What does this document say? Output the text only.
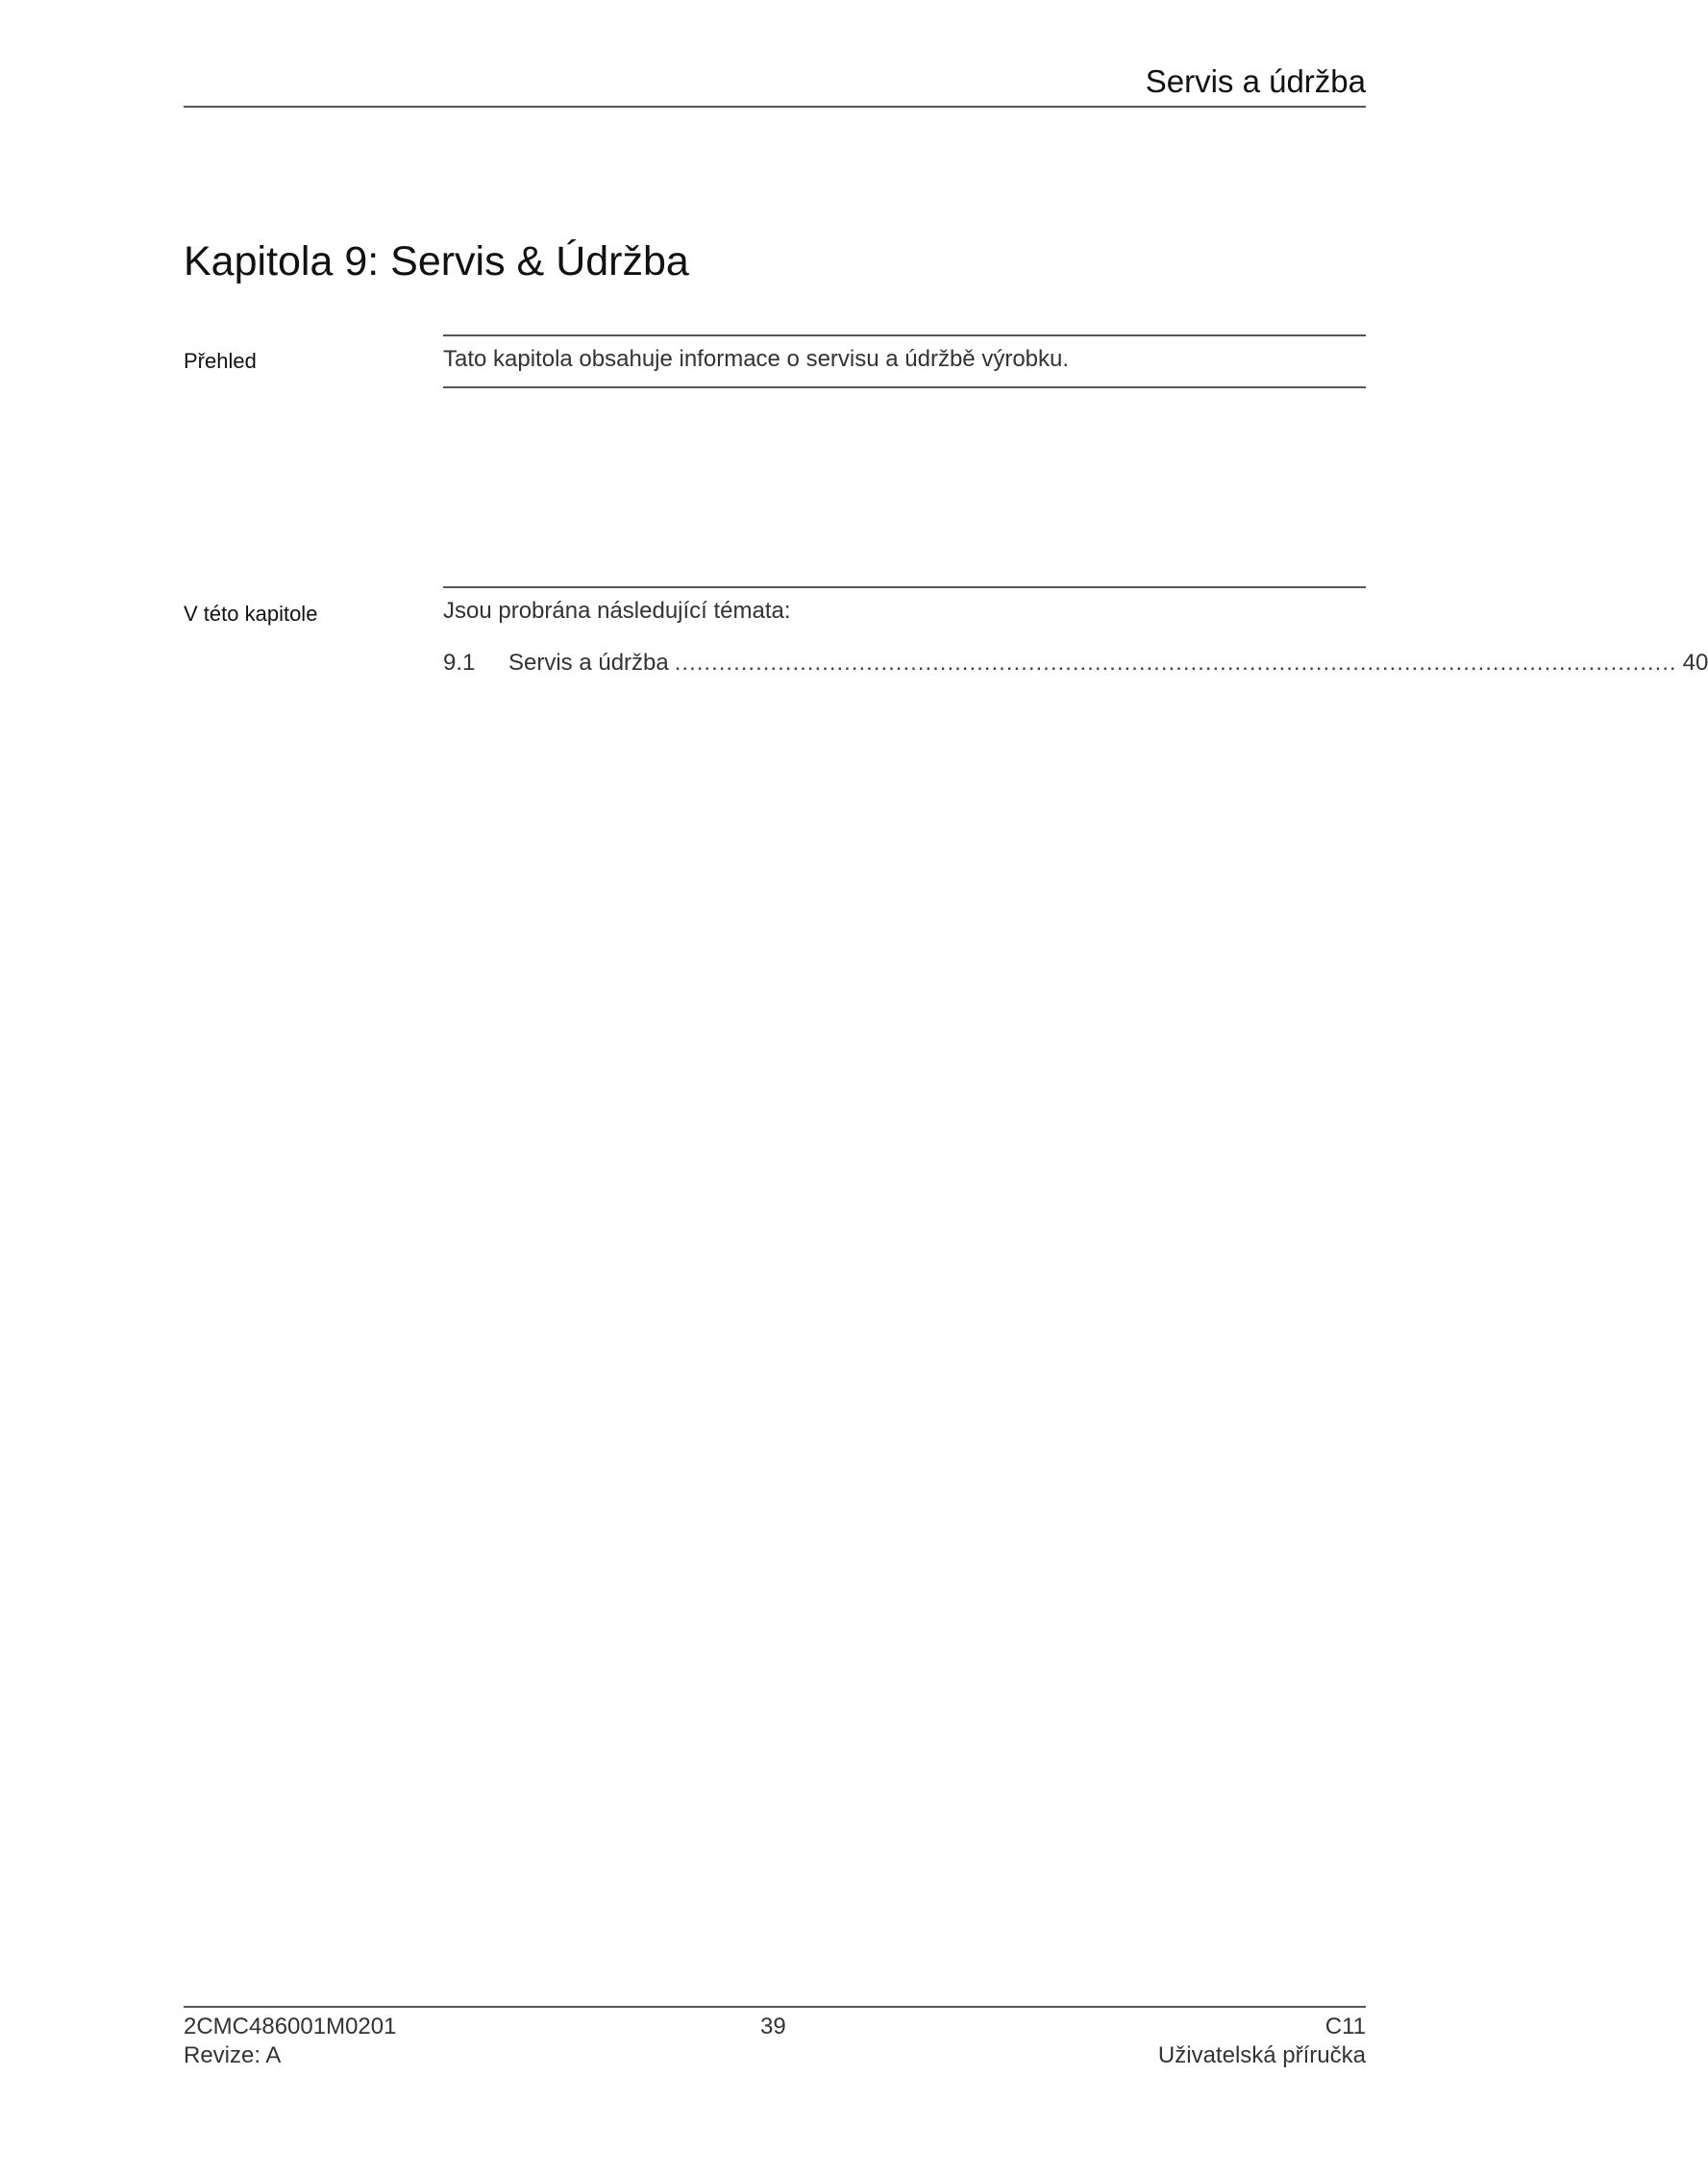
Servis a údržba
Kapitola 9: Servis & Údržba
Přehled	Tato kapitola obsahuje informace o servisu a údržbě výrobku.
V této kapitole	Jsou probrána následující témata:
9.1	Servis a údržba ........................................................................................................................................ 40
2CMC486001M0201
Revize: A
39	C11
Uživatelská příručka
